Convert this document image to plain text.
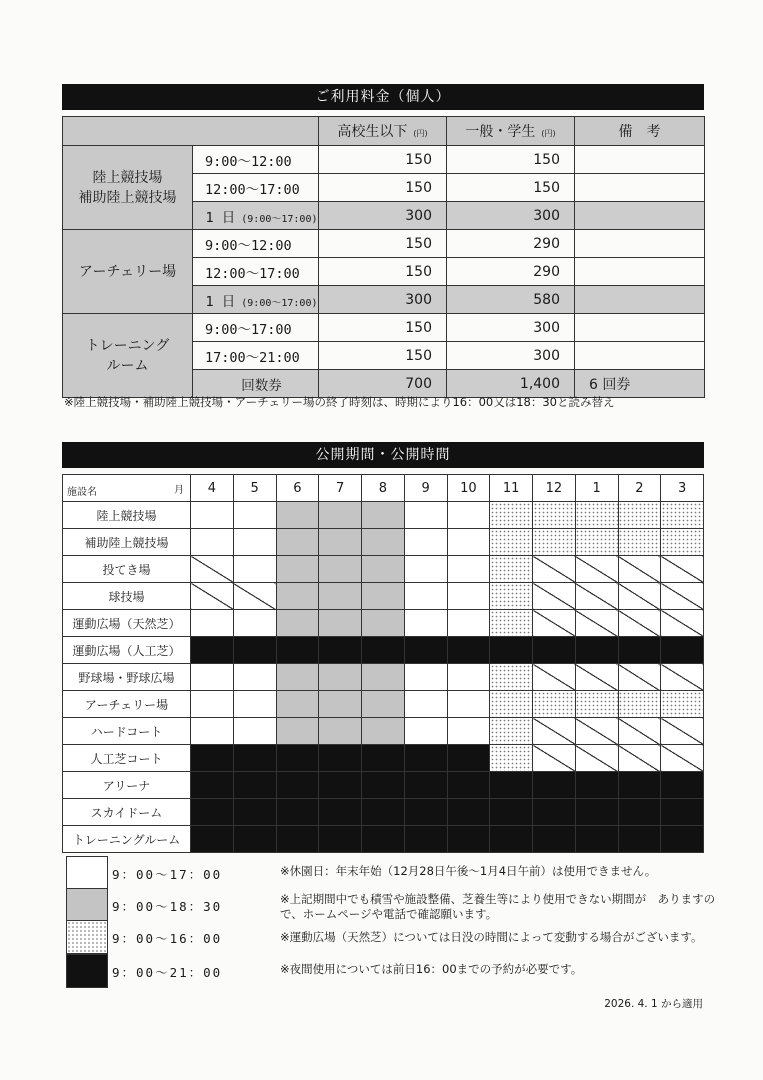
ご利用料金（個人）
		高校生以下 (円)	一般・学生 (円)	備　考

陸上競技場
補助陸上競技場	9:00〜12:00	150	150	
	12:00〜17:00	150	150	
	1 日 (9:00〜17:00)	300	300	

アーチェリー場	9:00〜12:00	150	290	
	12:00〜17:00	150	290	
	1 日 (9:00〜17:00)	300	580	

トレーニング
ルーム	9:00〜17:00	150	300	
	17:00〜21:00	150	300	
	回数券	700	1,400	6 回券
※陸上競技場・補助陸上競技場・アーチェリー場の終了時刻は、時期により16：00又は18：30と読み替え
公開期間・公開時間
施設名 月	4	5	6	7	8	9	10	11	12	1	2	3
陸上競技場												
補助陸上競技場												
投てき場												
球技場												
運動広場（天然芝）												
運動広場（人工芝）												
野球場・野球広場												
アーチェリー場												
ハードコート												
人工芝コート												
アリーナ												
スカイドーム												
トレーニングルーム												
9：00〜17：00	※休園日：年末年始（12月28日午後〜1月4日午前）は使用できません。
9：00〜18：30	※上記期間中でも積雪や施設整備、芝養生等により使用できない期間が　ありますので、ホームページや電話で確認願います。
9：00〜16：00	※運動広場（天然芝）については日没の時間によって変動する場合がございます。
9：00〜21：00	※夜間使用については前日16：00までの予約が必要です。
2026. 4. 1 から適用
